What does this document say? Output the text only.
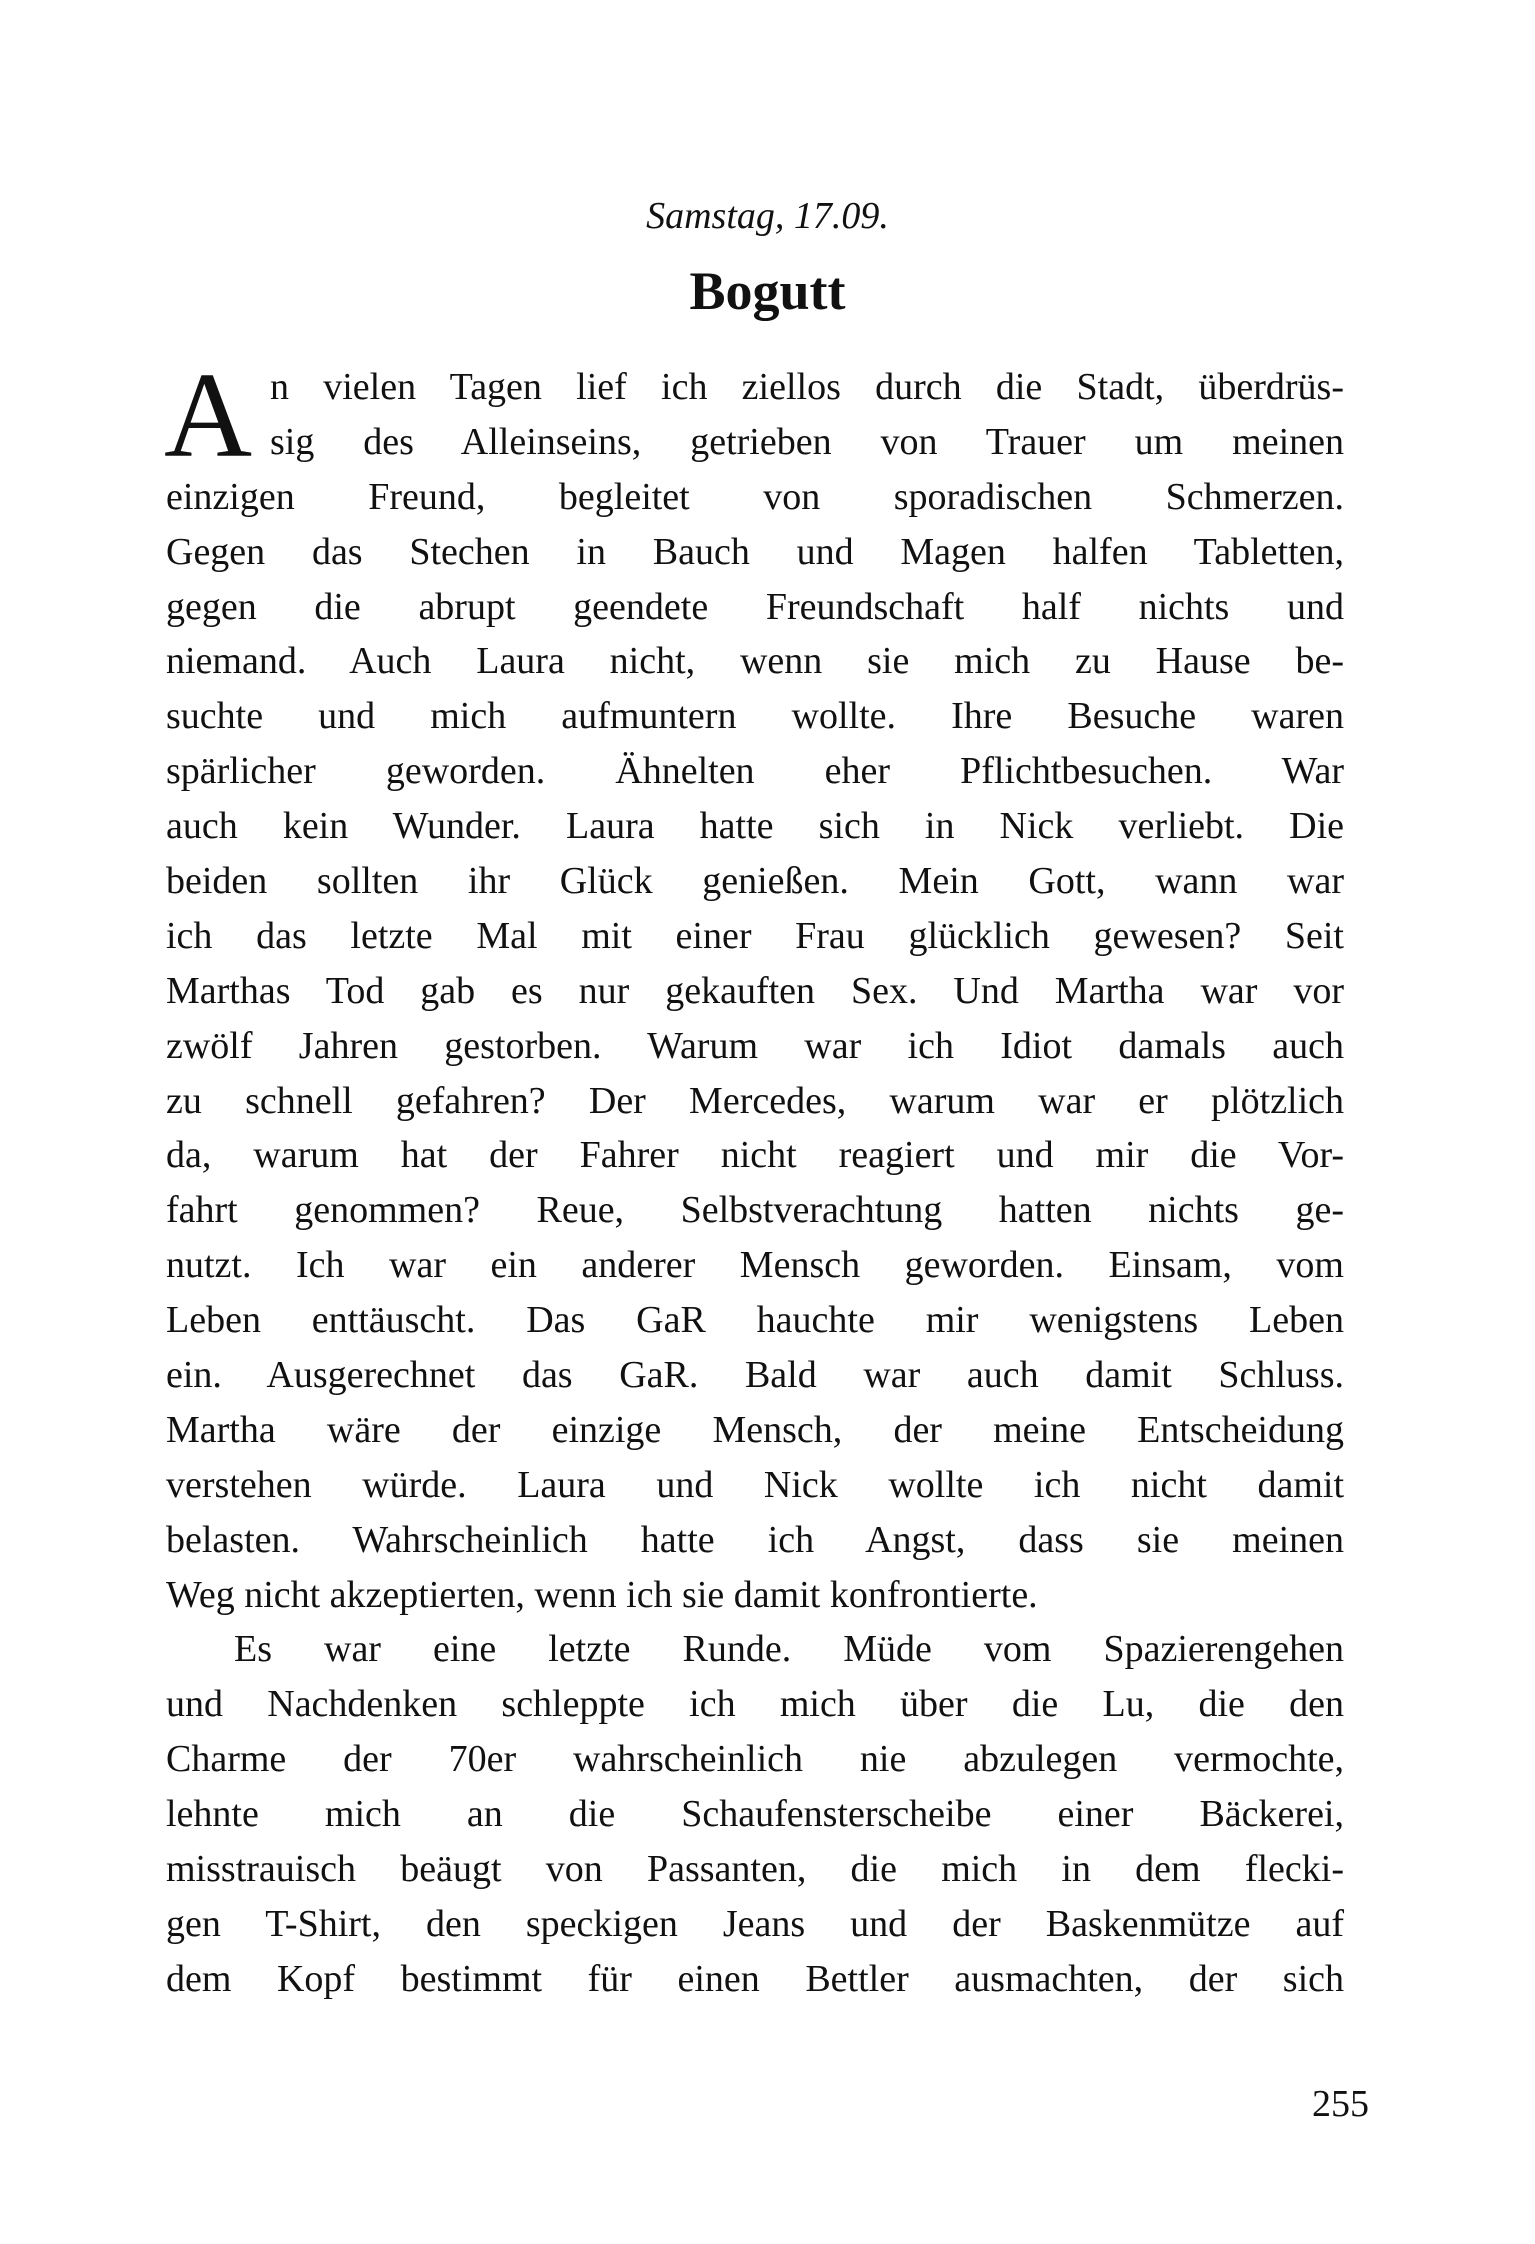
Samstag, 17.09.
Bogutt
A n vielen Tagen lief ich ziellos durch die Stadt, überdrüs-
sig des Alleinseins, getrieben von Trauer um meinen
einzigen Freund, begleitet von sporadischen Schmerzen.
Gegen das Stechen in Bauch und Magen halfen Tabletten,
gegen die abrupt geendete Freundschaft half nichts und
niemand. Auch Laura nicht, wenn sie mich zu Hause be-
suchte und mich aufmuntern wollte. Ihre Besuche waren
spärlicher geworden. Ähnelten eher Pflichtbesuchen. War
auch kein Wunder. Laura hatte sich in Nick verliebt. Die
beiden sollten ihr Glück genießen. Mein Gott, wann war
ich das letzte Mal mit einer Frau glücklich gewesen? Seit
Marthas Tod gab es nur gekauften Sex. Und Martha war vor
zwölf Jahren gestorben. Warum war ich Idiot damals auch
zu schnell gefahren? Der Mercedes, warum war er plötzlich
da, warum hat der Fahrer nicht reagiert und mir die Vor-
fahrt genommen? Reue, Selbstverachtung hatten nichts ge-
nutzt. Ich war ein anderer Mensch geworden. Einsam, vom
Leben enttäuscht. Das GaR hauchte mir wenigstens Leben
ein. Ausgerechnet das GaR. Bald war auch damit Schluss.
Martha wäre der einzige Mensch, der meine Entscheidung
verstehen würde. Laura und Nick wollte ich nicht damit
belasten. Wahrscheinlich hatte ich Angst, dass sie meinen
Weg nicht akzeptierten, wenn ich sie damit konfrontierte.
Es war eine letzte Runde. Müde vom Spazierengehen
und Nachdenken schleppte ich mich über die Lu, die den
Charme der 70er wahrscheinlich nie abzulegen vermochte,
lehnte mich an die Schaufensterscheibe einer Bäckerei,
misstrauisch beäugt von Passanten, die mich in dem flecki-
gen T-Shirt, den speckigen Jeans und der Baskenmütze auf
dem Kopf bestimmt für einen Bettler ausmachten, der sich
255
